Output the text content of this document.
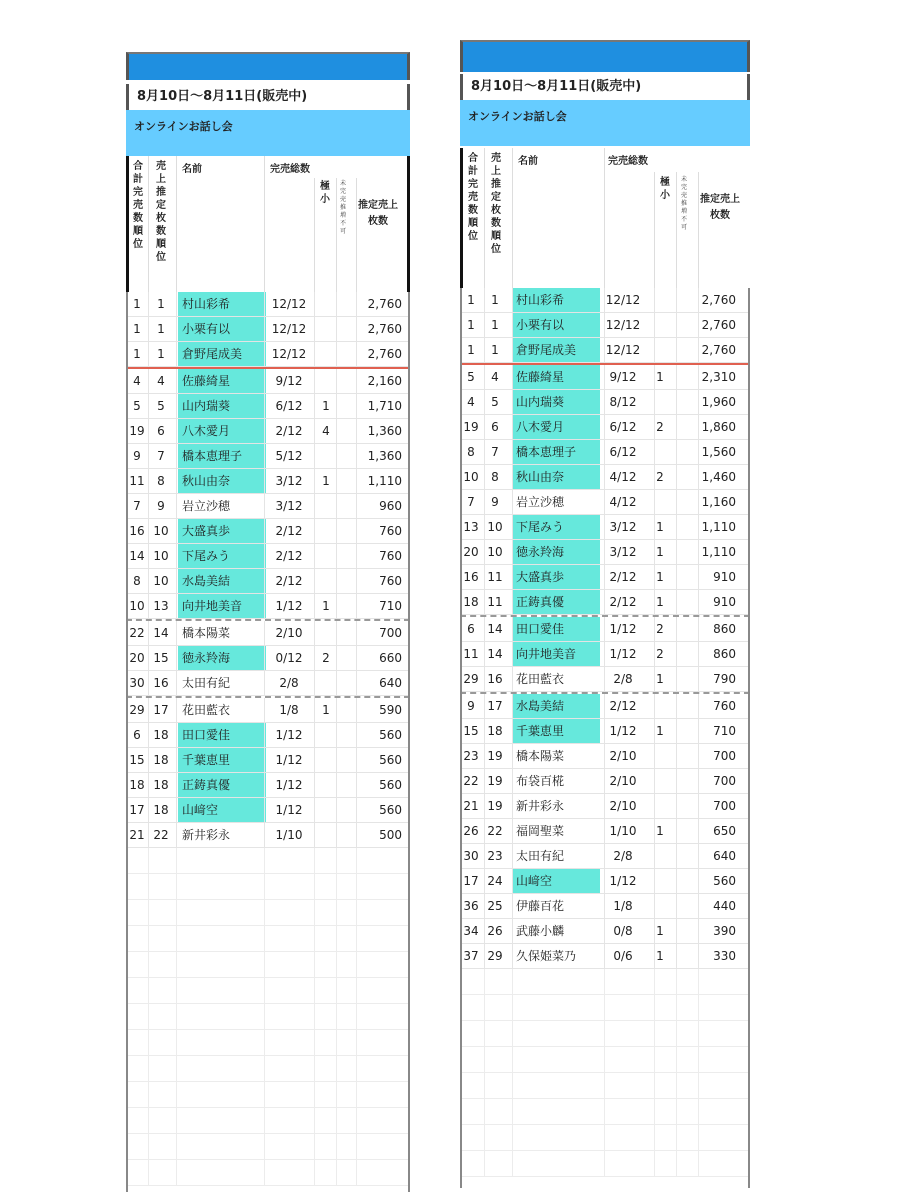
8月10日〜8月11日(販売中)
オンラインお話し会
合
計
完
売
数
順
位
売
上
推
定
枚
数
順
位
名前	完売総数
極
小
未
完
売
推
増
不
可
推定売上枚数
1	1	村山彩希	12/12	2,760
1	1	小栗有以	12/12	2,760
1	1	倉野尾成美	12/12	2,760
4	4	佐藤綺星	9/12	2,160
5	5	山内瑞葵	6/12	1	1,710
19	6	八木愛月	2/12	4	1,360
9	7	橋本恵理子	5/12	1,360
11	8	秋山由奈	3/12	1	1,110
7	9	岩立沙穂	3/12	960
16 10	大盛真歩	2/12	760
14 10	下尾みう	2/12	760
8	10	水島美結	2/12	760
10 13	向井地美音	1/12	1	710
22 14	橋本陽菜	2/10	700
20 15	徳永羚海	0/12	2	660
30 16	太田有紀	2/8	640
29 17	花田藍衣	1/8	1	590
6	18	田口愛佳	1/12	560
15 18	千葉恵里	1/12	560
18 18	正鋳真優	1/12	560
17 18	山﨑空	1/12	560
21 22	新井彩永	1/10	500
8月10日〜8月11日(販売中)
オンラインお話し会
合
計
完
売
数
順
位
売
上
推
定
枚
数
順
位
名前	完売総数
極
小
未
完
売
推
増
不
可
推定売上枚数
1	1	村山彩希	12/12	2,760
1	1	小栗有以	12/12	2,760
1	1	倉野尾成美	12/12	2,760
5	4	佐藤綺星	9/12	1	2,310
4	5	山内瑞葵	8/12	1,960
19	6	八木愛月	6/12	2	1,860
8	7	橋本恵理子	6/12	1,560
10	8	秋山由奈	4/12	2	1,460
7	9	岩立沙穂	4/12	1,160
13 10	下尾みう	3/12	1	1,110
20 10	徳永羚海	3/12	1	1,110
16 11	大盛真歩	2/12	1	910
18 11	正鋳真優	2/12	1	910
6	14	田口愛佳	1/12	2	860
11 14	向井地美音	1/12	2	860
29 16	花田藍衣	2/8	1	790
9	17	水島美結	2/12	760
15 18	千葉恵里	1/12	1	710
23 19	橋本陽菜	2/10	700
22 19	布袋百椛	2/10	700
21 19	新井彩永	2/10	700
26 22	福岡聖菜	1/10	1	650
30 23	太田有紀	2/8	640
17 24	山﨑空	1/12	560
36 25	伊藤百花	1/8	440
34 26	武藤小麟	0/8	1	390
37 29	久保姫菜乃	0/6	1	330
